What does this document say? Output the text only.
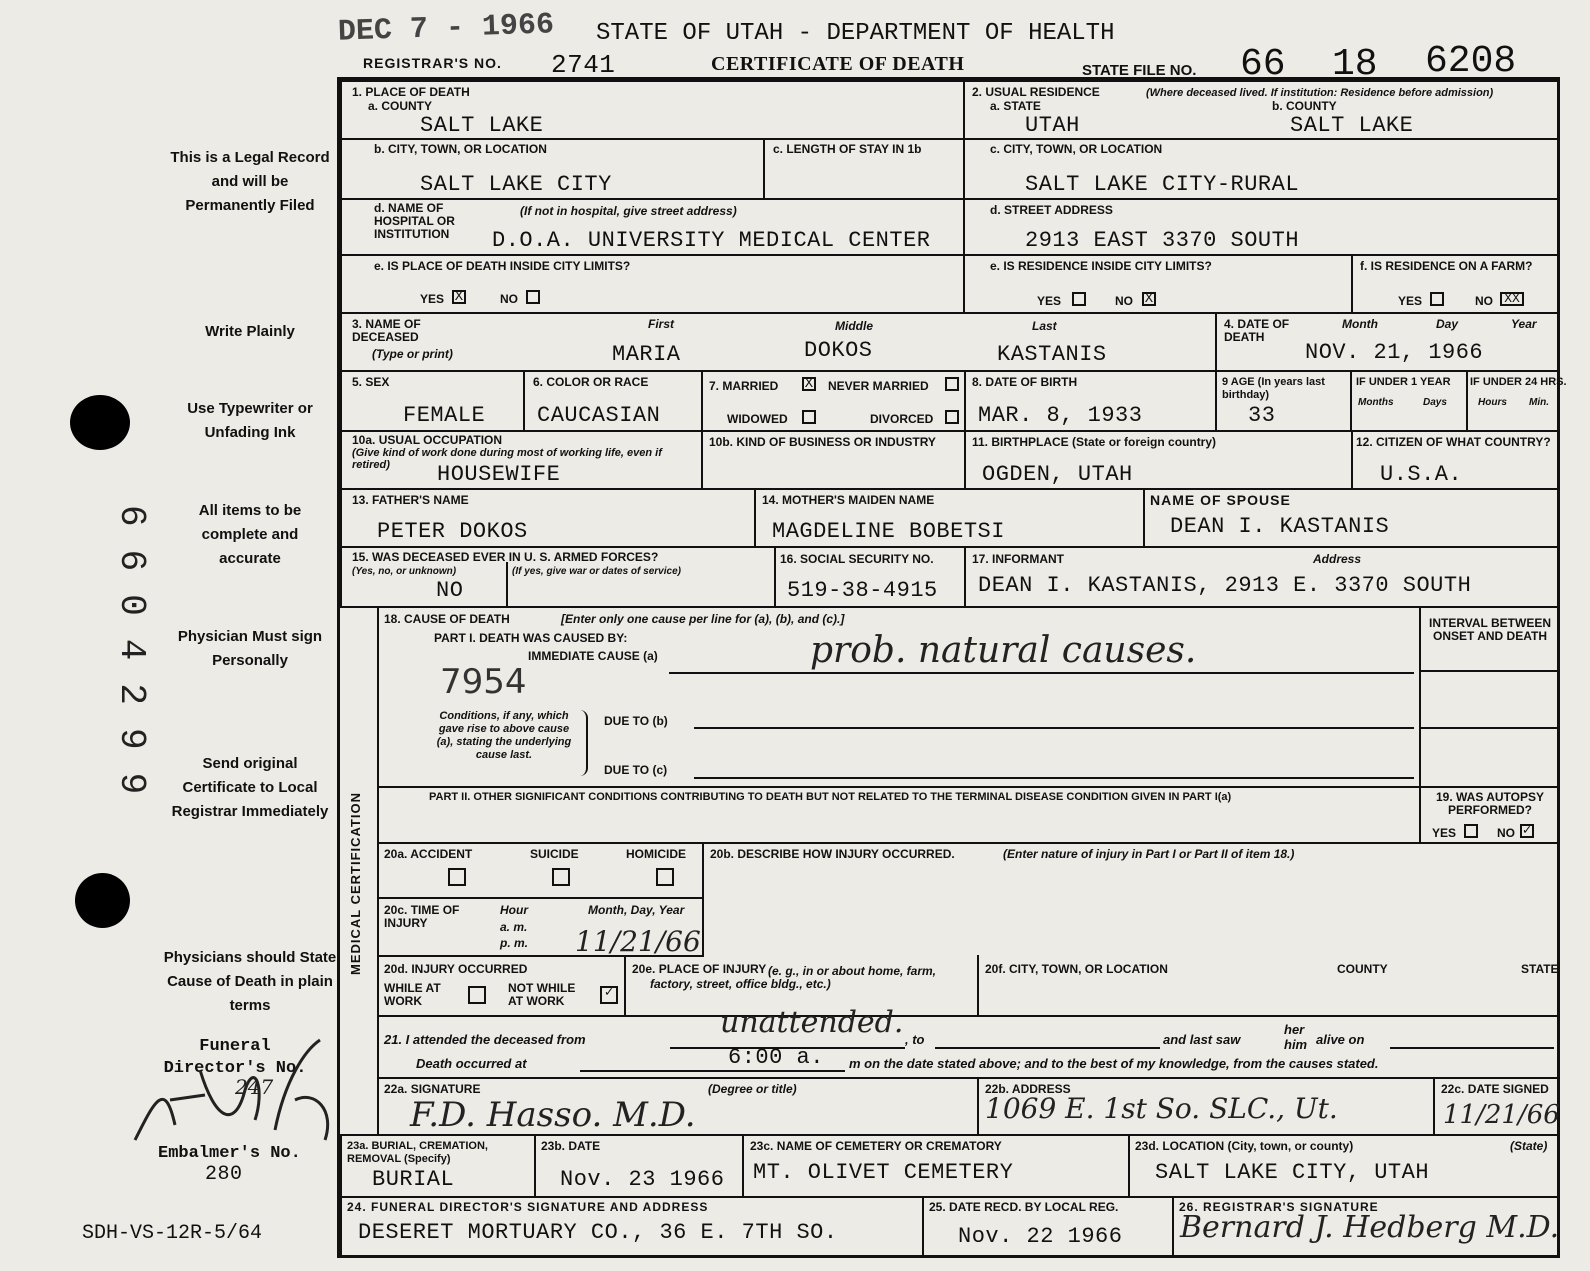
DEC 7 - 1966 STATE OF UTAH - DEPARTMENT OF HEALTH
REGISTRAR'S NO. 2741	CERTIFICATE OF DEATH	STATE FILE NO. 66 18 6208
This is a Legal Record and will be Permanently Filed
Write Plainly
Use Typewriter or Unfading Ink
All items to be complete and accurate
Physician Must sign Personally
Send original Certificate to Local Registrar Immediately
Physicians should State Cause of Death in plain terms
Funeral Director's No.
247
Embalmer's No.
280
6604299
SDH-VS-12R-5/64
1. PLACE OF DEATH
a. COUNTY
SALT LAKE
2. USUAL RESIDENCE	(Where deceased lived. If institution: Residence before admission)
a. STATE
UTAH
b. COUNTY
SALT LAKE
b. CITY, TOWN, OR LOCATION
SALT LAKE CITY
c. LENGTH OF STAY IN 1b	c. CITY, TOWN, OR LOCATION
SALT LAKE CITY-RURAL
d. NAME OF HOSPITAL OR INSTITUTION
(If not in hospital, give street address)
D.O.A. UNIVERSITY MEDICAL CENTER
d. STREET ADDRESS
2913 EAST 3370 SOUTH
e. IS PLACE OF DEATH INSIDE CITY LIMITS?
YES X	NO
e. IS RESIDENCE INSIDE CITY LIMITS?
YES	NO X
f. IS RESIDENCE ON A FARM?
YES	NO XX
3. NAME OF DECEASED
(Type or print)
First	Middle	Last
MARIA	DOKOS	KASTANIS
4. DATE OF DEATH
Month	Day	Year
NOV. 21, 1966
5. SEX
FEMALE
6. COLOR OR RACE
CAUCASIAN
7. MARRIED X NEVER MARRIED
WIDOWED	DIVORCED
8. DATE OF BIRTH
MAR. 8, 1933
9 AGE (In years last birthday)
33
IF UNDER 1 YEAR
Months	Days
IF UNDER 24 HRS.
Hours Min.
10a. USUAL OCCUPATION
(Give kind of work done during most of working life, even if retired)	HOUSEWIFE
10b. KIND OF BUSINESS OR INDUSTRY	11. BIRTHPLACE (State or foreign country)
OGDEN, UTAH
12. CITIZEN OF WHAT COUNTRY?
U.S.A.
13. FATHER'S NAME
PETER DOKOS
14. MOTHER'S MAIDEN NAME
MAGDELINE BOBETSI
NAME OF SPOUSE
DEAN I. KASTANIS
15. WAS DECEASED EVER IN U. S. ARMED FORCES?
(Yes, no, or unknown)	(If yes, give war or dates of service)
NO
16. SOCIAL SECURITY NO.
519-38-4915
17. INFORMANT	Address
DEAN I. KASTANIS, 2913 E. 3370 SOUTH
MEDICAL CERTIFICATION
18. CAUSE OF DEATH	[Enter only one cause per line for (a), (b), and (c).]
PART I. DEATH WAS CAUSED BY:
IMMEDIATE CAUSE (a)	prob. natural causes.
7954
Conditions, if any, which gave rise to above cause (a), stating the underlying cause last.
DUE TO (b)
DUE TO (c)
INTERVAL BETWEEN ONSET AND DEATH
PART II. OTHER SIGNIFICANT CONDITIONS CONTRIBUTING TO DEATH BUT NOT RELATED TO THE TERMINAL DISEASE CONDITION GIVEN IN PART I(a)	19. WAS AUTOPSY PERFORMED?
YES	NO ✓
20a. ACCIDENT	SUICIDE	HOMICIDE 20b. DESCRIBE HOW INJURY OCCURRED.	(Enter nature of injury in Part I or Part II of item 18.)
20c. TIME OF INJURY
Hour
a. m.
p. m.
Month, Day, Year
11/21/66
20d. INJURY OCCURRED
WHILE AT WORK
NOT WHILE AT WORK	✓
20e. PLACE OF INJURY (e. g., in or about home, farm, factory, street, office bldg., etc.)
20f. CITY, TOWN, OR LOCATION	COUNTY	STATE
21. I attended the deceased from	unattended. , to	and last saw
her
him alive on
Death occurred at	6:00 a. m on the date stated above; and to the best of my knowledge, from the causes stated.
22a. SIGNATURE	(Degree or title)
F.D. Hasso. M.D.
22b. ADDRESS
1069 E. 1st So. SLC., Ut.
22c. DATE SIGNED
11/21/66
23a. BURIAL, CREMATION, REMOVAL (Specify)
BURIAL
23b. DATE
Nov. 23 1966
23c. NAME OF CEMETERY OR CREMATORY
MT. OLIVET CEMETERY
23d. LOCATION (City, town, or county)	(State)
SALT LAKE CITY, UTAH
24. FUNERAL DIRECTOR'S SIGNATURE AND ADDRESS
DESERET MORTUARY CO., 36 E. 7TH SO.
25. DATE RECD. BY LOCAL REG.
Nov. 22 1966
26. REGISTRAR'S SIGNATURE
Bernard J. Hedberg M.D.
